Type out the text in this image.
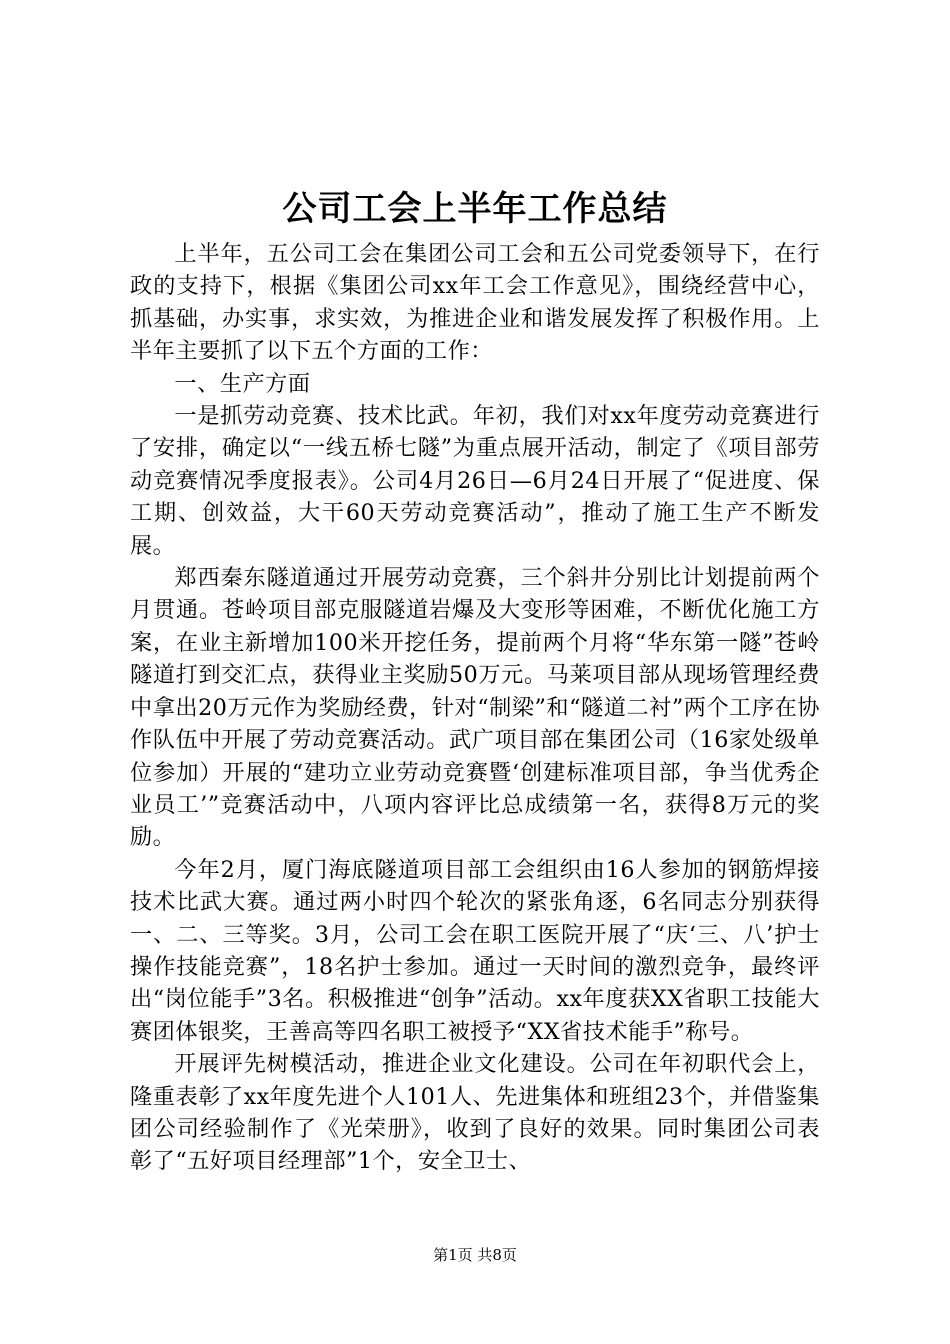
公司工会上半年工作总结

上半年，五公司工会在集团公司工会和五公司党委领导下，在行政的支持下，根据《集团公司xx年工会工作意见》，围绕经营中心，抓基础，办实事，求实效，为推进企业和谐发展发挥了积极作用。上半年主要抓了以下五个方面的工作：

一、生产方面

一是抓劳动竞赛、技术比武。年初，我们对xx年度劳动竞赛进行了安排，确定以“一线五桥七隧”为重点展开活动，制定了《项目部劳动竞赛情况季度报表》。公司4月26日—6月24日开展了“促进度、保工期、创效益，大干60天劳动竞赛活动”，推动了施工生产不断发展。

郑西秦东隧道通过开展劳动竞赛，三个斜井分别比计划提前两个月贯通。苍岭项目部克服隧道岩爆及大变形等困难，不断优化施工方案，在业主新增加100米开挖任务，提前两个月将“华东第一隧”苍岭隧道打到交汇点，获得业主奖励50万元。马莱项目部从现场管理经费中拿出20万元作为奖励经费，针对“制梁”和“隧道二衬”两个工序在协作队伍中开展了劳动竞赛活动。武广项目部在集团公司（16家处级单位参加）开展的“建功立业劳动竞赛暨‘创建标准项目部，争当优秀企业员工’”竞赛活动中，八项内容评比总成绩第一名，获得8万元的奖励。

今年2月，厦门海底隧道项目部工会组织由16人参加的钢筋焊接技术比武大赛。通过两小时四个轮次的紧张角逐，6名同志分别获得一、二、三等奖。3月，公司工会在职工医院开展了“庆‘三、八’护士操作技能竞赛”，18名护士参加。通过一天时间的激烈竞争，最终评出“岗位能手”3名。积极推进“创争”活动。xx年度获XX省职工技能大赛团体银奖，王善高等四名职工被授予“XX省技术能手”称号。

开展评先树模活动，推进企业文化建设。公司在年初职代会上，隆重表彰了xx年度先进个人101人、先进集体和班组23个，并借鉴集团公司经验制作了《光荣册》，收到了良好的效果。同时集团公司表彰了“五好项目经理部”1个，安全卫士、

第1页 共8页
